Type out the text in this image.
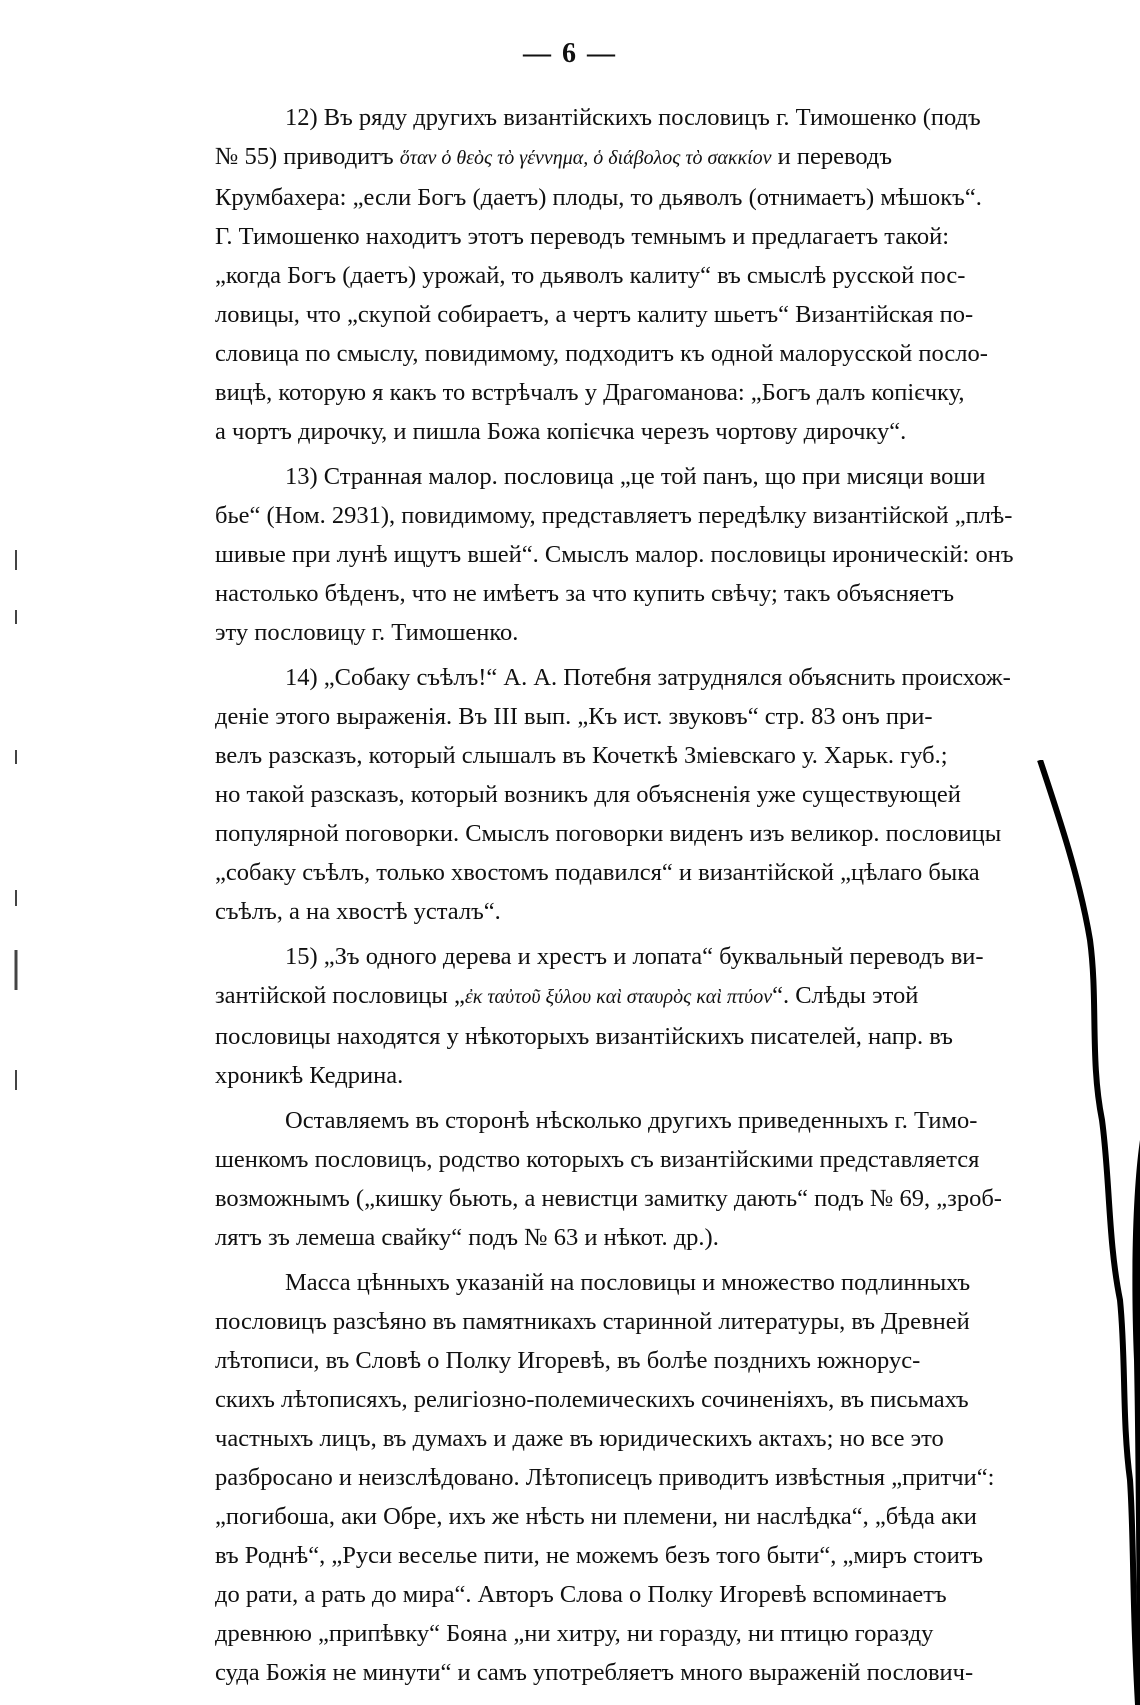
— 6 —

12) Въ ряду другихъ византійскихъ пословицъ г. Тимошенко (подъ
№ 55) приводитъ ὅταν ὁ θεὸς τὸ γέννημα, ὁ διάβολος τὸ σακκίον и переводъ
Крумбахера: „если Богъ (даетъ) плоды, то дьяволъ (отнимаетъ) мѣшокъ“.
Г. Тимошенко находитъ этотъ переводъ темнымъ и предлагаетъ такой:
„когда Богъ (даетъ) урожай, то дьяволъ калиту“ въ смыслѣ русской пос-
ловицы, что „скупой собираетъ, а чертъ калиту шьетъ“ Византійская по-
словица по смыслу, повидимому, подходитъ къ одной малорусской посло-
вицѣ, которую я какъ то встрѣчалъ у Драгоманова: „Богъ далъ копієчку,
а чортъ дирочку, и пишла Божа копієчка черезъ чортову дирочку“.

13) Странная малор. пословица „це той панъ, що при мисяци воши
бье“ (Ном. 2931), повидимому, представляетъ передѣлку византійской „плѣ-
шивые при лунѣ ищутъ вшей“. Смыслъ малор. пословицы ироническій: онъ
настолько бѣденъ, что не имѣетъ за что купить свѣчу; такъ объясняетъ
эту пословицу г. Тимошенко.

14) „Собаку съѣлъ!“ А. А. Потебня затруднялся объяснить происхож-
деніе этого выраженія. Въ III вып. „Къ ист. звуковъ“ стр. 83 онъ при-
велъ разсказъ, который слышалъ въ Кочеткѣ Зміевскаго у. Харьк. губ.;
но такой разсказъ, который возникъ для объясненія уже существующей
популярной поговорки. Смыслъ поговорки виденъ изъ великор. пословицы
„собаку съѣлъ, только хвостомъ подавился“ и византійской „цѣлаго быка
съѣлъ, а на хвостѣ усталъ“.

15) „Зъ одного дерева и хрестъ и лопата“ буквальный переводъ ви-
зантійской пословицы „ἐκ ταὐτοῦ ξύλου καὶ σταυρὸς καὶ πτύον“. Слѣды этой
пословицы находятся у нѣкоторыхъ византійскихъ писателей, напр. въ
хроникѣ Кедрина.

Оставляемъ въ сторонѣ нѣсколько другихъ приведенныхъ г. Тимо-
шенкомъ пословицъ, родство которыхъ съ византійскими представляется
возможнымъ („кишку бьють, а невистци замитку дають“ подъ № 69, „зроб-
лятъ зъ лемеша свайку“ подъ № 63 и нѣкот. др.).

Масса цѣнныхъ указаній на пословицы и множество подлинныхъ
пословицъ разсѣяно въ памятникахъ старинной литературы, въ Древней
лѣтописи, въ Словѣ о Полку Игоревѣ, въ болѣе позднихъ южнорус-
скихъ лѣтописяхъ, религіозно-полемическихъ сочиненіяхъ, въ письмахъ
частныхъ лицъ, въ думахъ и даже въ юридическихъ актахъ; но все это
разбросано и неизслѣдовано. Лѣтописецъ приводитъ извѣстныя „притчи“:
„погибоша, аки Обре, ихъ же нѣсть ни племени, ни наслѣдка“, „бѣда аки
въ Роднѣ“, „Руси веселье пити, не можемъ безъ того быти“, „миръ стоитъ
до рати, а рать до мира“. Авторъ Слова о Полку Игоревѣ вспоминаетъ
древнюю „припѣвку“ Бояна „ни хитру, ни горазду, ни птицю горазду
суда Божія не минути“ и самъ употребляетъ много выраженій послович-
